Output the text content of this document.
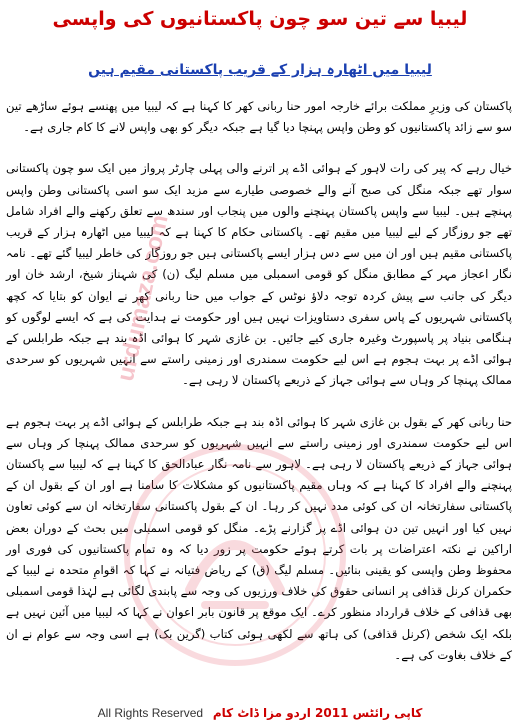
لیبیا سے تین سو چون پاکستانیوں کی واپسی
لیبیا میں اٹھارہ ہزار کے قریب پاکستانی مقیم ہیں

پاکستان کی وزیرِ مملکت برائے خارجہ امور حنا ربانی کھر کا کہنا ہے کہ لیبیا میں پھنسے ہوئے ساڑھے تین سو سے زائد پاکستانیوں کو وطن واپس پہنچا دیا گیا ہے جبکہ دیگر کو بھی واپس لانے کا کام جاری ہے۔

خیال رہے کہ پیر کی رات لاہور کے ہوائی اڈے پر اترنے والی پہلی چارٹر پرواز میں ایک سو چون پاکستانی سوار تھے جبکہ منگل کی صبح آنے والے خصوصی طیارے سے مزید ایک سو اسی پاکستانی وطن واپس پہنچے ہیں۔ لیبیا سے واپس پاکستان پہنچنے والوں میں پنجاب اور سندھ سے تعلق رکھنے والے افراد شامل تھے جو روزگار کے لیے لیبیا میں مقیم تھے۔ پاکستانی حکام کا کہنا ہے کہ لیبیا میں اٹھارہ ہزار کے قریب پاکستانی مقیم ہیں اور ان میں سے دس ہزار ایسے پاکستانی ہیں جو روزگار کی خاطر لیبیا گئے تھے۔ نامہ نگار اعجاز مہر کے مطابق منگل کو قومی اسمبلی میں مسلم لیگ (ن) کی شہناز شیخ، ارشد خان اور دیگر کی جانب سے پیش کردہ توجہ دلاؤ نوٹس کے جواب میں حنا ربانی کھر نے ایوان کو بتایا کہ کچھ پاکستانی شہریوں کے پاس سفری دستاویزات نہیں ہیں اور حکومت نے ہدایت کی ہے کہ ایسے لوگوں کو ہنگامی بنیاد پر پاسپورٹ وغیرہ جاری کیے جائیں۔ بن غازی شہر کا ہوائی اڈہ بند ہے جبکہ طرابلس کے ہوائی اڈے پر بہت ہجوم ہے اس لیے حکومت سمندری اور زمینی راستے سے انہیں شہریوں کو سرحدی ممالک پہنچا کر وہاں سے ہوائی جہاز کے ذریعے پاکستان لا رہی ہے۔

حنا ربانی کھر کے بقول بن غازی شہر کا ہوائی اڈہ بند ہے جبکہ طرابلس کے ہوائی اڈے پر بہت ہجوم ہے اس لیے حکومت سمندری اور زمینی راستے سے انہیں شہریوں کو سرحدی ممالک پہنچا کر وہاں سے ہوائی جہاز کے ذریعے پاکستان لا رہی ہے۔ لاہور سے نامہ نگار عبادالحق کا کہنا ہے کہ لیبیا سے پاکستان پہنچنے والے افراد کا کہنا ہے کہ وہاں مقیم پاکستانیوں کو مشکلات کا سامنا ہے اور ان کے بقول ان کے پاکستانی سفارتخانہ ان کی کوئی مدد نہیں کر رہا۔ ان کے بقول پاکستانی سفارتخانہ ان سے کوئی تعاون نہیں کیا اور انہیں تین دن ہوائی اڈے پر گزارنے پڑے۔ منگل کو قومی اسمبلی میں بحث کے دوران بعض اراکین نے نکتہ اعتراضات پر بات کرتے ہوئے حکومت پر زور دیا کہ وہ تمام پاکستانیوں کی فوری اور محفوظ وطن واپسی کو یقینی بنائیں۔ مسلم لیگ (ق) کے ریاض فتیانہ نے کہا کہ اقوامِ متحدہ نے لیبیا کے حکمران کرنل قذافی پر انسانی حقوق کی خلاف ورزیوں کی وجہ سے پابندی لگائی ہے لہٰذا قومی اسمبلی بھی قذافی کے خلاف قرارداد منظور کرے۔ ایک موقع پر قانون بابر اعوان نے کہا کہ لیبیا میں آئین نہیں ہے بلکہ ایک شخص (کرنل قذافی) کی ہاتھ سے لکھی ہوئی کتاب (گرین بک) ہے اسی وجہ سے عوام نے ان کے خلاف بغاوت کی ہے۔

urdumaza.com
All Rights Reserved کاپی رائٹس 2011 اردو مزا ڈاٹ کام
